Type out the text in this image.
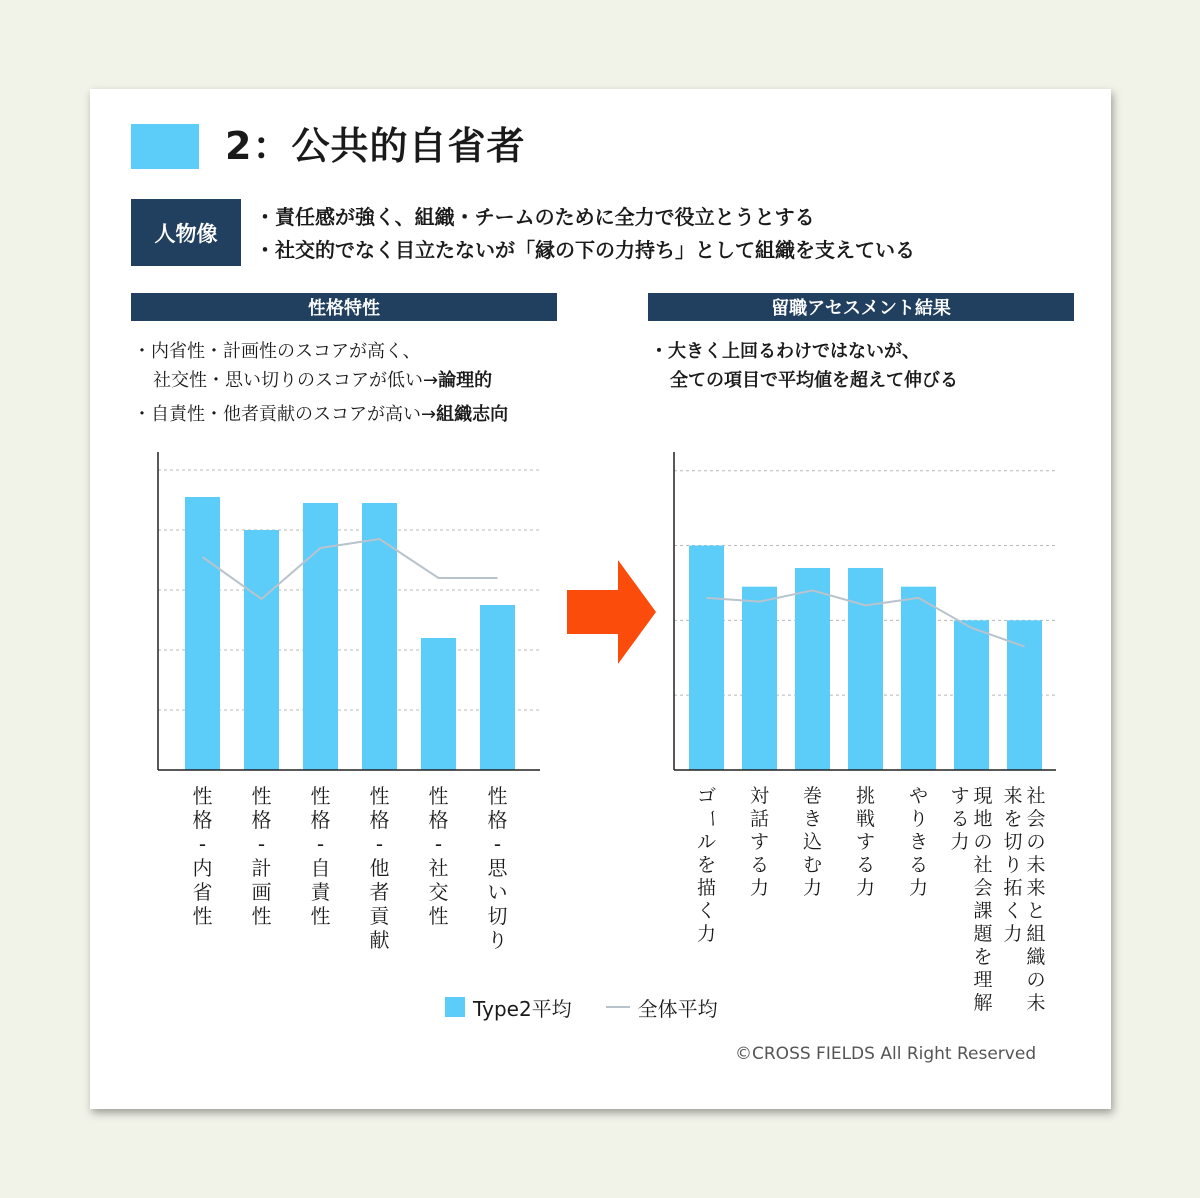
2：公共的自省者
人物像
・責任感が強く、組織・チームのために全力で役立とうとする
・社交的でなく目立たないが「縁の下の力持ち」として組織を支えている
性格特性	留職アセスメント結果
・内省性・計画性のスコアが高く、
社交性・思い切りのスコアが低い→論理的
・自責性・他者貢献のスコアが高い→組織志向
・大きく上回るわけではないが、
全ての項目で平均値を超えて伸びる
性
格
-
内
省
性
性
格
-
計
画
性
性
格
-
自
責
性
性
格
-
他
者
貢
献
性
格
-
社
交
性
性
格
-
思
い
切
り
ゴ
ー
ル
を
描
く
力
対
話
す
る
力
巻
き
込
む
力
挑
戦
す
る
力
や
り
き
る
力
現
地
の
社
会
課
題
を
理
解
す
る
力
社
会
の
未
来
と
組
織
の
未
来
を
切
り
拓
く
力
Type2平均	全体平均
©CROSS FIELDS All Right Reserved
